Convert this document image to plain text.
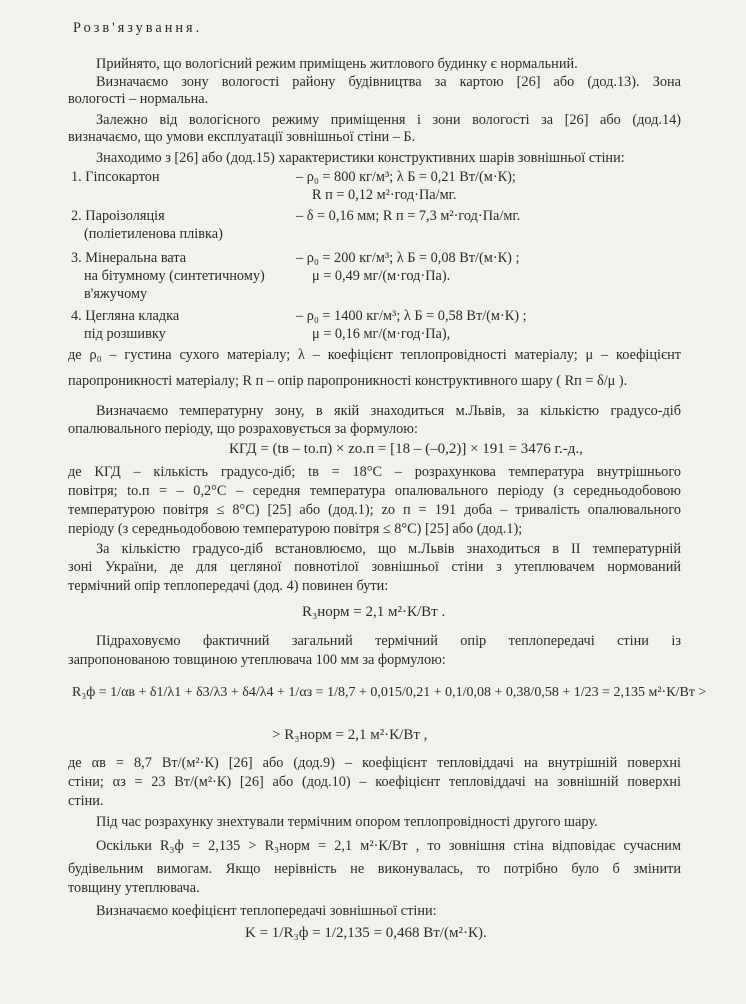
Розв'язування.
Прийнято, що вологісний режим приміщень житлового будинку є нормальний.
Визначаємо зону вологості району будівництва за картою [26] або (дод.13). Зона
вологості – нормальна.
Залежно від вологісного режиму приміщення і зони вологості за [26] або (дод.14)
визначаємо, що умови експлуатації зовнішньої стіни – Б.
Знаходимо з [26] або (дод.15) характеристики конструктивних шарів зовнішньої стіни:
1. Гіпсокартон	– ρ₀ = 800 кг/м³; λ Б = 0,21 Вт/(м·К);
R п = 0,12 м²·год·Па/мг.
2. Пароізоляція
(поліетиленова плівка)
– δ = 0,16 мм; R п = 7,3 м²·год·Па/мг.
3. Мінеральна вата
на бітумному (синтетичному)
в'яжучому
– ρ₀ = 200 кг/м³; λ Б = 0,08 Вт/(м·К) ;
μ = 0,49 мг/(м·год·Па).
4. Цегляна кладка
під розшивку
– ρ₀ = 1400 кг/м³; λ Б = 0,58 Вт/(м·К) ;
μ = 0,16 мг/(м·год·Па),
де ρ₀ – густина сухого матеріалу; λ – коефіцієнт теплопровідності матеріалу; μ – коефіцієнт
паропроникності матеріалу; R п – опір паропроникності конструктивного шару ( Rп = δ/μ ).
Визначаємо температурну зону, в якій знаходиться м.Львів, за кількістю градусо-діб
опалювального періоду, що розраховується за формулою:
КГД = (tв – tо.п) × zо.п = [18 – (–0,2)] × 191 = 3476 г.-д.,
де КГД – кількість градусо-діб; tв = 18°С – розрахункова температура внутрішнього
повітря; tо.п = – 0,2°С – середня температура опалювального періоду (з середньодобовою
температурою повітря ≤ 8°С) [25] або (дод.1); zо п = 191 доба – тривалість опалювального
періоду (з середньодобовою температурою повітря ≤ 8°С) [25] або (дод.1);
За кількістю градусо-діб встановлюємо, що м.Львів знаходиться в ІІ температурній
зоні України, де для цегляної повнотілої зовнішньої стіни з утеплювачем нормований
термічний опір теплопередачі (дод. 4) повинен бути:
R₃норм = 2,1 м²·К/Вт .
Підраховуємо фактичний загальний термічний опір теплопередачі стіни із
запропонованою товщиною утеплювача 100 мм за формулою:
R₃ф = 1/αв + δ1/λ1 + δ3/λ3 + δ4/λ4 + 1/αз = 1/8,7 + 0,015/0,21 + 0,1/0,08 + 0,38/0,58 + 1/23 = 2,135 м²·К/Вт >
> R₃норм = 2,1 м²·К/Вт ,
де αв = 8,7 Вт/(м²·К) [26] або (дод.9) – коефіцієнт тепловіддачі на внутрішній поверхні
стіни; αз = 23 Вт/(м²·К) [26] або (дод.10) – коефіцієнт тепловіддачі на зовнішній поверхні
стіни.
Під час розрахунку знехтували термічним опором теплопровідності другого шару.
Оскільки R₃ф = 2,135 > R₃норм = 2,1 м²·К/Вт , то зовнішня стіна відповідає сучасним
будівельним вимогам. Якщо нерівність не виконувалась, то потрібно було б змінити
товщину утеплювача.
Визначаємо коефіцієнт теплопередачі зовнішньої стіни:
K = 1/R₃ф = 1/2,135 = 0,468 Вт/(м²·К).
